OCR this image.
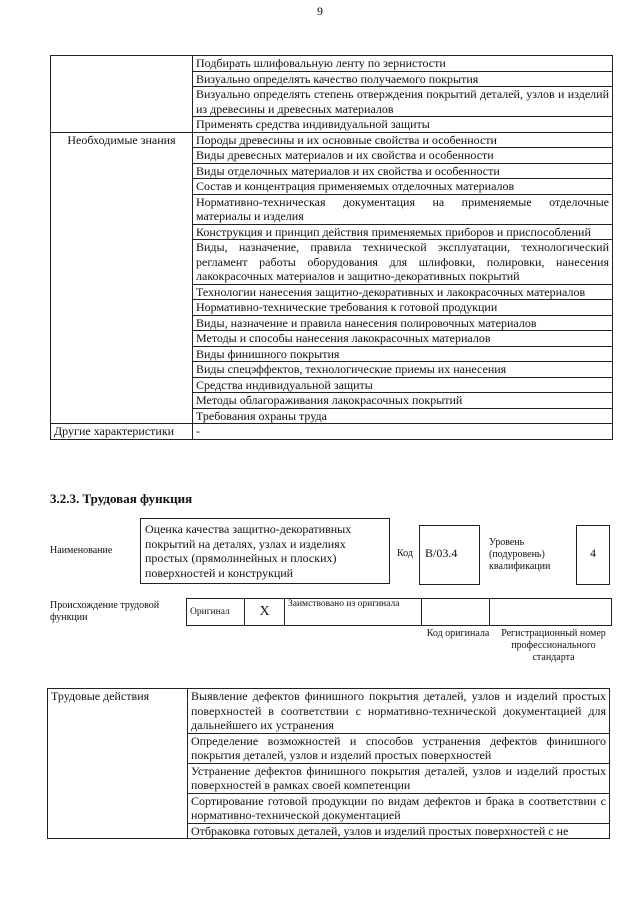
9
	Подбирать шлифовальную ленту по зернистости
	Визуально определять качество получаемого покрытия
	Визуально определять степень отверждения покрытий деталей, узлов и изделий из древесины и древесных материалов
	Применять средства индивидуальной защиты
Необходимые знания	Породы древесины и их основные свойства и особенности
	Виды древесных материалов и их свойства и особенности
	Виды отделочных материалов и их свойства и особенности
	Состав и концентрация применяемых отделочных материалов
	Нормативно-техническая документация на применяемые отделочные материалы и изделия
	Конструкция и принцип действия применяемых приборов и приспособлений
	Виды, назначение, правила технической эксплуатации, технологический регламент работы оборудования для шлифовки, полировки, нанесения лакокрасочных материалов и защитно-декоративных покрытий
	Технологии нанесения защитно-декоративных и лакокрасочных материалов
	Нормативно-технические требования к готовой продукции
	Виды, назначение и правила нанесения полировочных материалов
	Методы и способы нанесения лакокрасочных материалов
	Виды финишного покрытия
	Виды спецэффектов, технологические приемы их нанесения
	Средства индивидуальной защиты
	Методы облагораживания лакокрасочных покрытий
	Требования охраны труда
Другие характеристики	-
3.2.3. Трудовая функция
Наименование
Оценка качества защитно-декоративных покрытий на деталях, узлах и изделиях простых (прямолинейных и плоских) поверхностей и конструкций
Код	В/03.4
Уровень (подуровень) квалификации
4
Происхождение трудовой функции
Оригинал	X	Заимствовано из оригинала		
Код оригинала	Регистрационный номер профессионального стандарта
Трудовые действия	Выявление дефектов финишного покрытия деталей, узлов и изделий простых поверхностей в соответствии с нормативно-технической документацией для дальнейшего их устранения
Определение возможностей и способов устранения дефектов финишного покрытия деталей, узлов и изделий простых поверхностей
Устранение дефектов финишного покрытия деталей, узлов и изделий простых поверхностей в рамках своей компетенции
Сортирование готовой продукции по видам дефектов и брака в соответствии с нормативно-технической документацией
Отбраковка готовых деталей, узлов и изделий простых поверхностей с не
